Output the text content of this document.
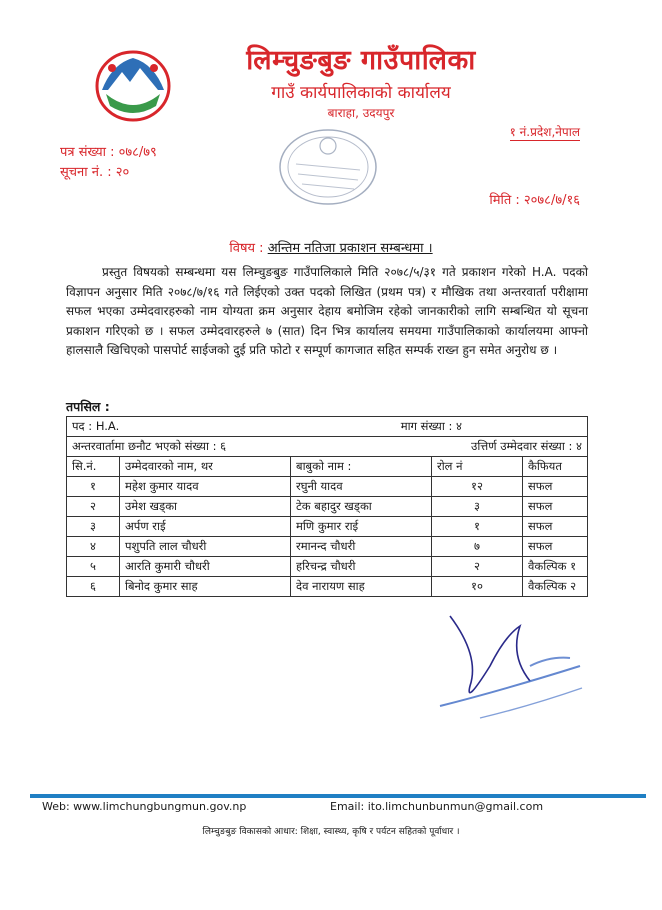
लिम्चुङबुङ गाउँपालिका
गाउँ कार्यपालिकाको कार्यालय
बाराहा, उदयपुर
१ नं.प्रदेश,नेपाल
पत्र संख्या : ०७८/७९
सूचना नं. : २०
मिति : २०७८/७/१६
विषय : अन्तिम नतिजा प्रकाशन सम्बन्धमा ।
प्रस्तुत विषयको सम्बन्धमा यस लिम्चुङबुङ गाउँपालिकाले मिति २०७८/५/३१ गते प्रकाशन गरेको H.A. पदको विज्ञापन अनुसार मिति २०७८/७/१६ गते लिईएको उक्त पदको लिखित (प्रथम पत्र) र मौखिक तथा अन्तरवार्ता परीक्षामा सफल भएका उम्मेदवारहरुको नाम योग्यता क्रम अनुसार देहाय बमोजिम रहेको जानकारीको लागि सम्बन्धित यो सूचना प्रकाशन गरिएको छ । सफल उम्मेदवारहरुले ७ (सात) दिन भित्र कार्यालय समयमा गाउँपालिकाको कार्यालयमा आफ्नो हालसालै खिचिएको पासपोर्ट साईजको दुई प्रति फोटो र सम्पूर्ण कागजात सहित सम्पर्क राख्न हुन समेत अनुरोध छ ।
तपसिल :
पद : H.A. माग संख्या : ४				

अन्तरवार्तामा छनौट भएको संख्या : ६ उत्तिर्ण उम्मेदवार संख्या : ४				

सि.नं.	उम्मेदवारको नाम, थर	बाबुको नाम :	रोल नं	कैफियत
१	महेश कुमार यादव	रघुनी यादव	१२	सफल
२	उमेश खड्का	टेक बहादुर खड्का	३	सफल
३	अर्पण राई	मणि कुमार राई	१	सफल
४	पशुपति लाल चौधरी	रमानन्द चौधरी	७	सफल
५	आरति कुमारी चौधरी	हरिचन्द्र चौधरी	२	वैकल्पिक १
६	बिनोद कुमार साह	देव नारायण साह	१०	वैकल्पिक २
Web: www.limchungbungmun.gov.np	Email: ito.limchunbunmun@gmail.com
लिम्चुङबुङ विकासको आधार: शिक्षा, स्वास्थ्य, कृषि र पर्यटन सहितको पूर्वाधार ।
